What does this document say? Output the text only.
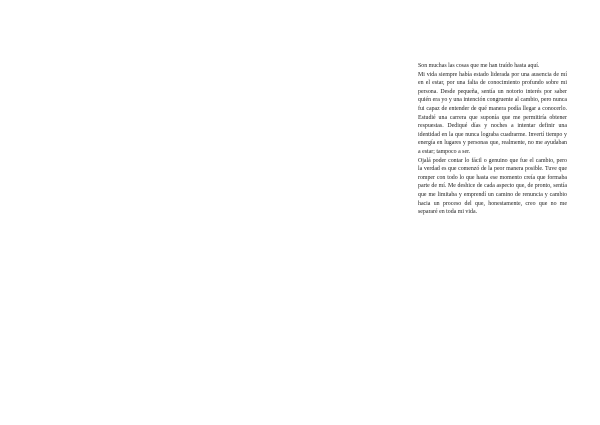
Son muchas las cosas que me han traído hasta aquí.

Mi vida siempre había estado liderada por una ausencia de mí en el estar, por una falta de conocimiento profundo sobre mi persona. Desde pequeña, sentía un notorio interés por saber quién era yo y una intención congruente al cambio, pero nunca fui capaz de entender de qué manera podía llegar a conocerlo. Estudié una carrera que suponía que me permitiría obtener respuestas. Dediqué días y noches a intentar definir una identidad en la que nunca lograba cuadrarme. Invertí tiempo y energía en lugares y personas que, realmente, no me ayudaban a estar; tampoco a ser.

Ojalá poder contar lo fácil o genuino que fue el cambio, pero la verdad es que comenzó de la peor manera posible. Tuve que romper con todo lo que hasta ese momento creía que formaba parte de mí. Me deshice de cada aspecto que, de pronto, sentía que me limitaba y emprendí un camino de renuncia y cambio hacia un proceso del que, honestamente, creo que no me separaré en toda mi vida.
